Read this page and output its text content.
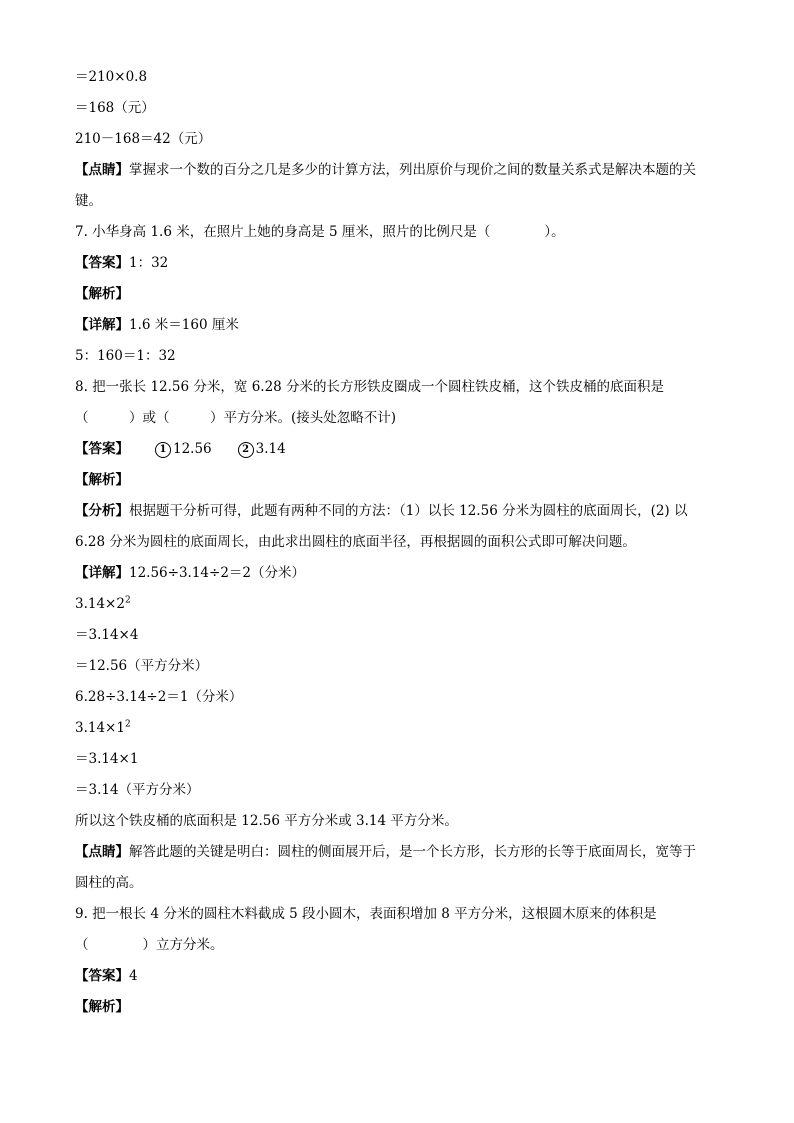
＝210×0.8
＝168（元）
210－168＝42（元）
【点睛】掌握求一个数的百分之几是多少的计算方法，列出原价与现价之间的数量关系式是解决本题的关
键。
7. 小华身高 1.6 米，在照片上她的身高是 5 厘米，照片的比例尺是（　　　　）。
【答案】1：32
【解析】
【详解】1.6 米＝160 厘米
5：160＝1：32
8. 把一张长 12.56 分米，宽 6.28 分米的长方形铁皮圈成一个圆柱铁皮桶，这个铁皮桶的底面积是
（　　　）或（　　　）平方分米。(接头处忽略不计)
【答案】	1 12.56	2 3.14
【解析】
【分析】根据题干分析可得，此题有两种不同的方法：（1）以长 12.56 分米为圆柱的底面周长，(2) 以
6.28 分米为圆柱的底面周长，由此求出圆柱的底面半径，再根据圆的面积公式即可解决问题。
【详解】12.56÷3.14÷2＝2（分米）
$3.14\times 2^2$
＝3.14×4
＝12.56（平方分米）
6.28÷3.14÷2＝1（分米）
$3.14\times 1^2$
＝3.14×1
＝3.14（平方分米）
所以这个铁皮桶的底面积是 12.56 平方分米或 3.14 平方分米。
【点睛】解答此题的关键是明白：圆柱的侧面展开后，是一个长方形，长方形的长等于底面周长，宽等于
圆柱的高。
9. 把一根长 4 分米的圆柱木料截成 5 段小圆木，表面积增加 8 平方分米，这根圆木原来的体积是
（　　　　）立方分米。
【答案】4
【解析】
